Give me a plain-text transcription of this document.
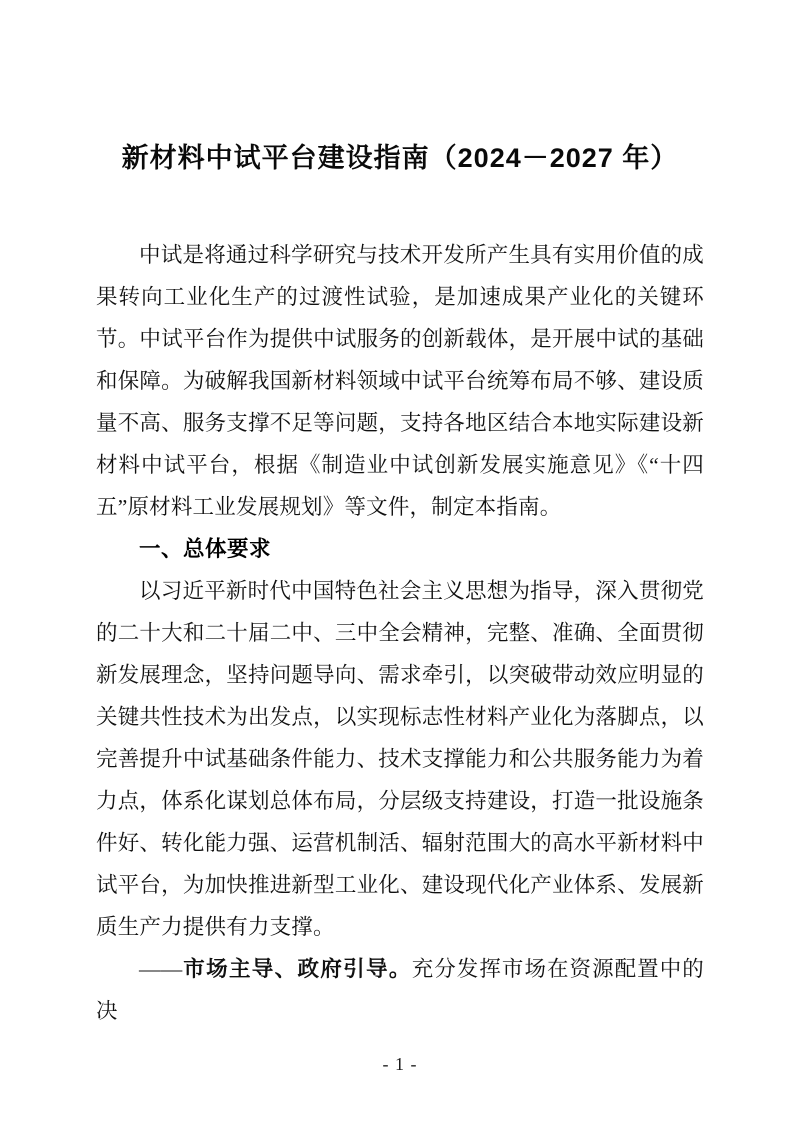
新材料中试平台建设指南（2024－2027 年）

中试是将通过科学研究与技术开发所产生具有实用价值的成果转向工业化生产的过渡性试验，是加速成果产业化的关键环节。中试平台作为提供中试服务的创新载体，是开展中试的基础和保障。为破解我国新材料领域中试平台统筹布局不够、建设质量不高、服务支撑不足等问题，支持各地区结合本地实际建设新材料中试平台，根据《制造业中试创新发展实施意见》《“十四五”原材料工业发展规划》等文件，制定本指南。

一、总体要求

以习近平新时代中国特色社会主义思想为指导，深入贯彻党的二十大和二十届二中、三中全会精神，完整、准确、全面贯彻新发展理念，坚持问题导向、需求牵引，以突破带动效应明显的关键共性技术为出发点，以实现标志性材料产业化为落脚点，以完善提升中试基础条件能力、技术支撑能力和公共服务能力为着力点，体系化谋划总体布局，分层级支持建设，打造一批设施条件好、转化能力强、运营机制活、辐射范围大的高水平新材料中试平台，为加快推进新型工业化、建设现代化产业体系、发展新质生产力提供有力支撑。

——市场主导、政府引导。充分发挥市场在资源配置中的决

- 1 -
